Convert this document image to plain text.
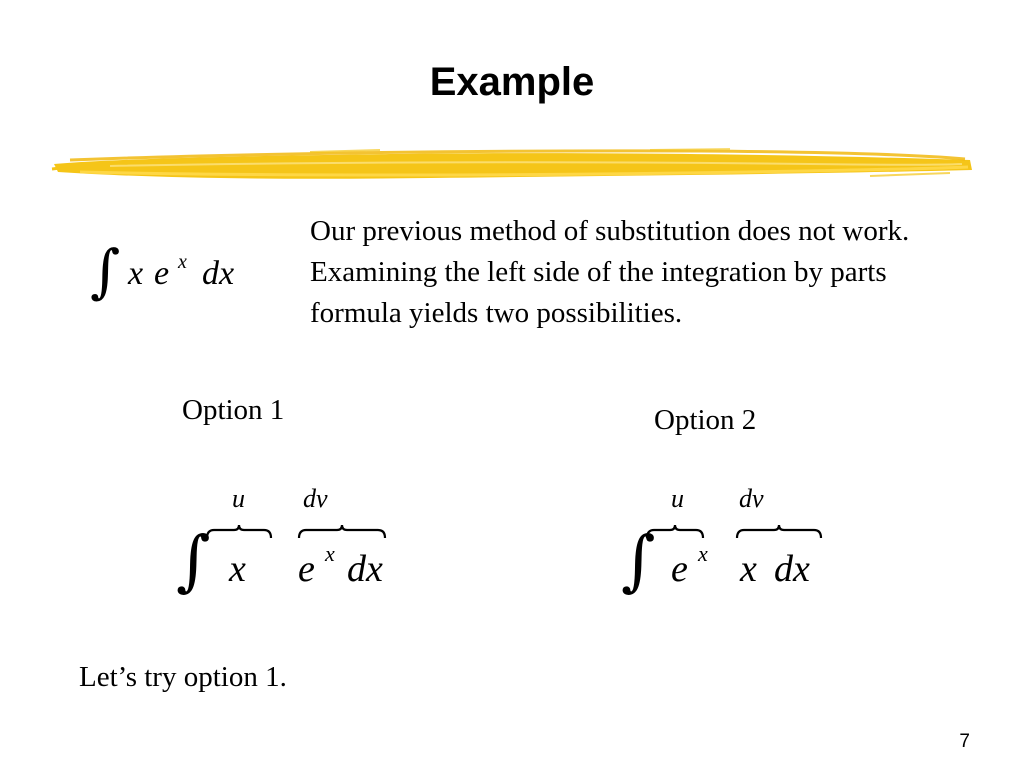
Example
∫ x e x dx

Our previous method of substitution does not work. Examining the left side of the integration by parts formula yields two possibilities.

Option 1
u dv
∫ x e x dx
Option 2
u dv
∫ e x x dx

Let’s try option 1.

7
